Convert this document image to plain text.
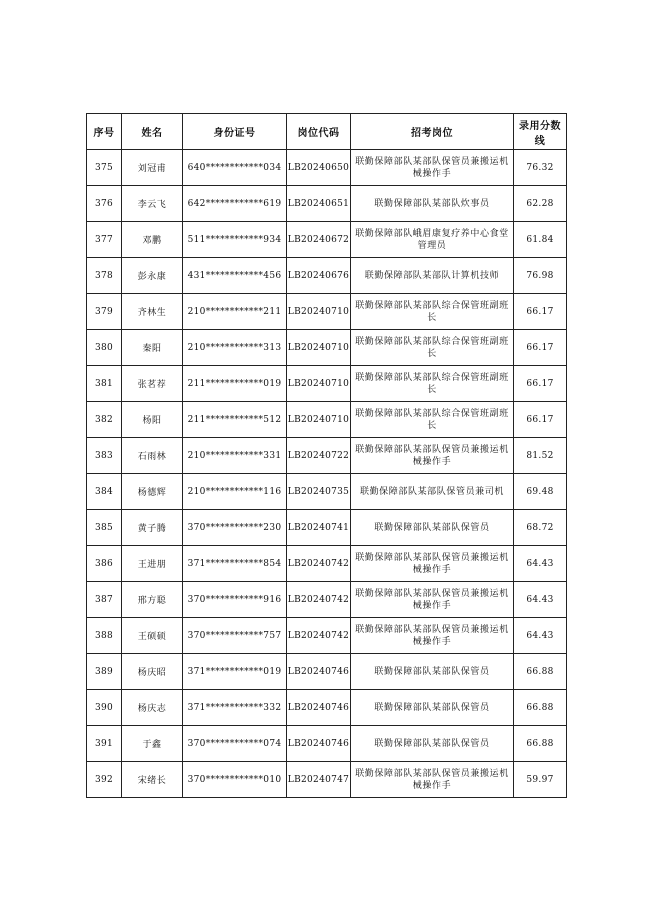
序号	姓名	身份证号	岗位代码	招考岗位	录用分数线
375	刘冠甫	640************034	LB20240650	联勤保障部队某部队保管员兼搬运机械操作手	76.32
376	李云飞	642************619	LB20240651	联勤保障部队某部队炊事员	62.28
377	邓鹏	511************934	LB20240672	联勤保障部队峨眉康复疗养中心食堂管理员	61.84
378	彭永康	431************456	LB20240676	联勤保障部队某部队计算机技师	76.98
379	齐林生	210************211	LB20240710	联勤保障部队某部队综合保管班副班长	66.17
380	秦阳	210************313	LB20240710	联勤保障部队某部队综合保管班副班长	66.17
381	张茗荐	211************019	LB20240710	联勤保障部队某部队综合保管班副班长	66.17
382	杨阳	211************512	LB20240710	联勤保障部队某部队综合保管班副班长	66.17
383	石雨林	210************331	LB20240722	联勤保障部队某部队保管员兼搬运机械操作手	81.52
384	杨德辉	210************116	LB20240735	联勤保障部队某部队保管员兼司机	69.48
385	黄子腾	370************230	LB20240741	联勤保障部队某部队保管员	68.72
386	王进朋	371************854	LB20240742	联勤保障部队某部队保管员兼搬运机械操作手	64.43
387	邢方聪	370************916	LB20240742	联勤保障部队某部队保管员兼搬运机械操作手	64.43
388	王硕硕	370************757	LB20240742	联勤保障部队某部队保管员兼搬运机械操作手	64.43
389	杨庆昭	371************019	LB20240746	联勤保障部队某部队保管员	66.88
390	杨庆志	371************332	LB20240746	联勤保障部队某部队保管员	66.88
391	于鑫	370************074	LB20240746	联勤保障部队某部队保管员	66.88
392	宋绪长	370************010	LB20240747	联勤保障部队某部队保管员兼搬运机械操作手	59.97
